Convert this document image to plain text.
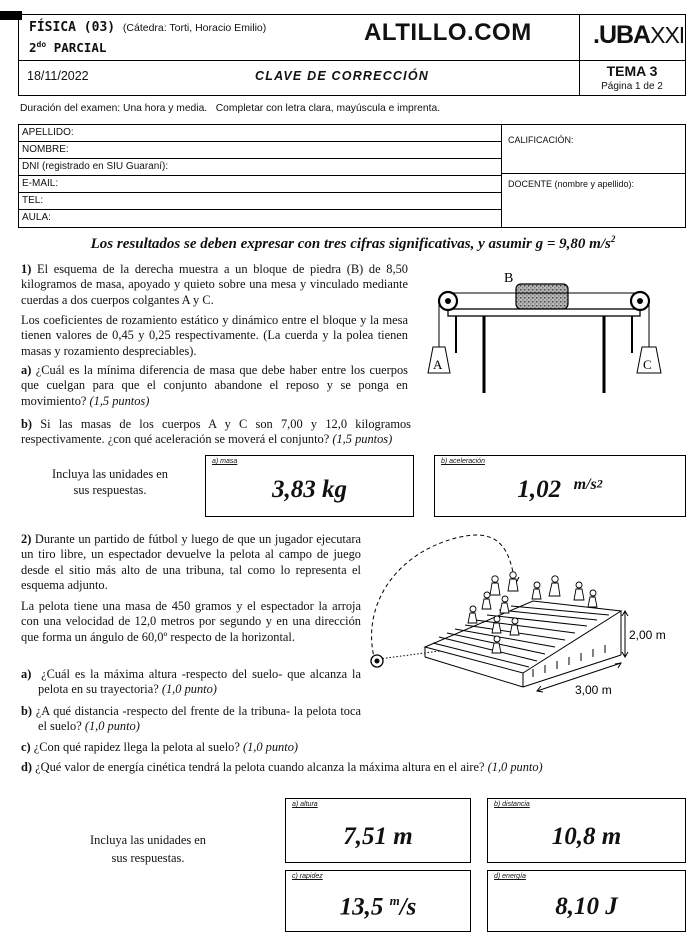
FÍSICA (03) (Cátedra: Torti, Horacio Emilio)
$2^{do}$ PARCIAL
ALTILLO.COM .UBAXXI
18/11/2022	CLAVE DE CORRECCIÓN	TEMA 3
Página 1 de 2
Duración del examen: Una hora y media.   Completar con letra clara, mayúscula e imprenta.
APELLIDO:
NOMBRE:
DNI (registrado en SIU Guaraní):
E-MAIL:
TEL:
AULA:
CALIFICACIÓN:
DOCENTE (nombre y apellido):
Los resultados se deben expresar con tres cifras significativas, y asumir g = 9,80 $m/s^2$
1) El esquema de la derecha muestra a un bloque de piedra (B) de 8,50 kilogramos de masa, apoyado y quieto sobre una mesa y vinculado mediante cuerdas a dos cuerpos colgantes A y C.
Los coeficientes de rozamiento estático y dinámico entre el bloque y la mesa tienen valores de 0,45 y 0,25 respectivamente. (La cuerda y la polea tienen masas y rozamiento despreciables).
a) ¿Cuál es la mínima diferencia de masa que debe haber entre los cuerpos que cuelgan para que el conjunto abandone el reposo y se ponga en movimiento? (1,5 puntos)
b) Si las masas de los cuerpos A y C son 7,00 y 12,0 kilogramos respectivamente. ¿con qué aceleración se moverá el conjunto? (1,5 puntos)
B
A	C
Incluya las unidades en sus respuestas.
a) masa
3,83 kg
b) aceleración
1,02 $^{m/s2}$
2) Durante un partido de fútbol y luego de que un jugador ejecutara un tiro libre, un espectador devuelve la pelota al campo de juego desde el sitio más alto de una tribuna, tal como lo representa el esquema adjunto.
La pelota tiene una masa de 450 gramos y el espectador la arroja con una velocidad de 12,0 metros por segundo y en una dirección que forma un ángulo de 60,0º respecto de la horizontal.
a) ¿Cuál es la máxima altura -respecto del suelo- que alcanza la pelota en su trayectoria? (1,0 punto)
b) ¿A qué distancia -respecto del frente de la tribuna- la pelota toca el suelo? (1,0 punto)
c) ¿Con qué rapidez llega la pelota al suelo? (1,0 punto)
d) ¿Qué valor de energía cinética tendrá la pelota cuando alcanza la máxima altura en el aire? (1,0 punto)
2,00 m
3,00 m
Incluya las unidades en sus respuestas.
a) altura
7,51 m
b) distancia
10,8 m
c) rapidez
13,5 $^m$/s
d) energía
8,10 J
